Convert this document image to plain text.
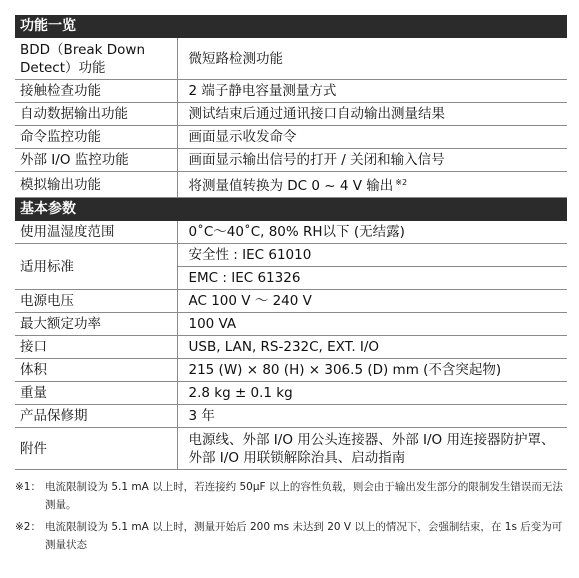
功能一览	
BDD（Break Down Detect）功能	微短路检测功能
接触检查功能	2 端子静电容量测量方式
自动数据输出功能	测试结束后通过通讯接口自动输出测量结果
命令监控功能	画面显示收发命令
外部 I/O 监控功能	画面显示输出信号的打开 / 关闭和输入信号
模拟输出功能	将测量值转换为 DC 0 ~ 4 V 输出 $^{※2}$
基本参数	
使用温湿度范围	0˚C〜40˚C, 80% RH以下 (无结露)
适用标准	安全性 : IEC 61010
	EMC : IEC 61326
电源电压	AC 100 V 〜 240 V
最大额定功率	100 VA
接口	USB, LAN, RS-232C, EXT. I/O
体积	215 (W) × 80 (H) × 306.5 (D) mm (不含突起物)
重量	2.8 kg ± 0.1 kg
产品保修期	3 年
附件	电源线、外部 I/O 用公头连接器、外部 I/O 用连接器防护罩、外部 I/O 用联锁解除治具、启动指南
※1： 电流限制设为 5.1 mA 以上时，若连接约 50µF 以上的容性负载，则会由于输出发生部分的限制发生错误而无法测量。
※2： 电流限制设为 5.1 mA 以上时，测量开始后 200 ms 未达到 20 V 以上的情况下，会强制结束，在 1s 后变为可测量状态
